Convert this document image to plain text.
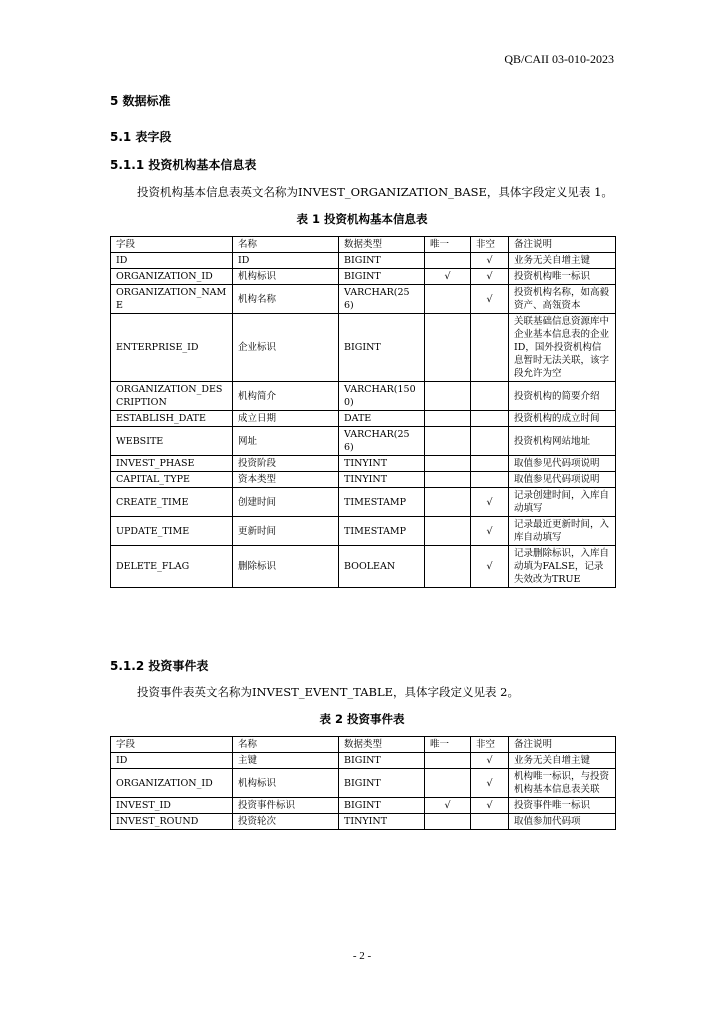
QB/CAII 03-010-2023
5 数据标准
5.1 表字段
5.1.1 投资机构基本信息表
投资机构基本信息表英文名称为INVEST_ORGANIZATION_BASE，具体字段定义见表 1。
表 1 投资机构基本信息表
字段	名称	数据类型	唯一	非空	备注说明
ID	ID	BIGINT		√	业务无关自增主键
ORGANIZATION_ID	机构标识	BIGINT	√	√	投资机构唯一标识
ORGANIZATION_NAME	机构名称	VARCHAR(256)		√	投资机构名称，如高毅资产、高瓴资本
ENTERPRISE_ID	企业标识	BIGINT			关联基础信息资源库中企业基本信息表的企业ID，国外投资机构信息暂时无法关联，该字段允许为空
ORGANIZATION_DESCRIPTION	机构简介	VARCHAR(1500)			投资机构的简要介绍
ESTABLISH_DATE	成立日期	DATE			投资机构的成立时间
WEBSITE	网址	VARCHAR(256)			投资机构网站地址
INVEST_PHASE	投资阶段	TINYINT			取值参见代码项说明
CAPITAL_TYPE	资本类型	TINYINT			取值参见代码项说明
CREATE_TIME	创建时间	TIMESTAMP		√	记录创建时间，入库自动填写
UPDATE_TIME	更新时间	TIMESTAMP		√	记录最近更新时间，入库自动填写
DELETE_FLAG	删除标识	BOOLEAN		√	记录删除标识，入库自动填为FALSE，记录失效改为TRUE
5.1.2 投资事件表
投资事件表英文名称为INVEST_EVENT_TABLE，具体字段定义见表 2。
表 2 投资事件表
字段	名称	数据类型	唯一	非空	备注说明
ID	主键	BIGINT		√	业务无关自增主键
ORGANIZATION_ID	机构标识	BIGINT		√	机构唯一标识，与投资机构基本信息表关联
INVEST_ID	投资事件标识	BIGINT	√	√	投资事件唯一标识
INVEST_ROUND	投资轮次	TINYINT			取值参加代码项
- 2 -
